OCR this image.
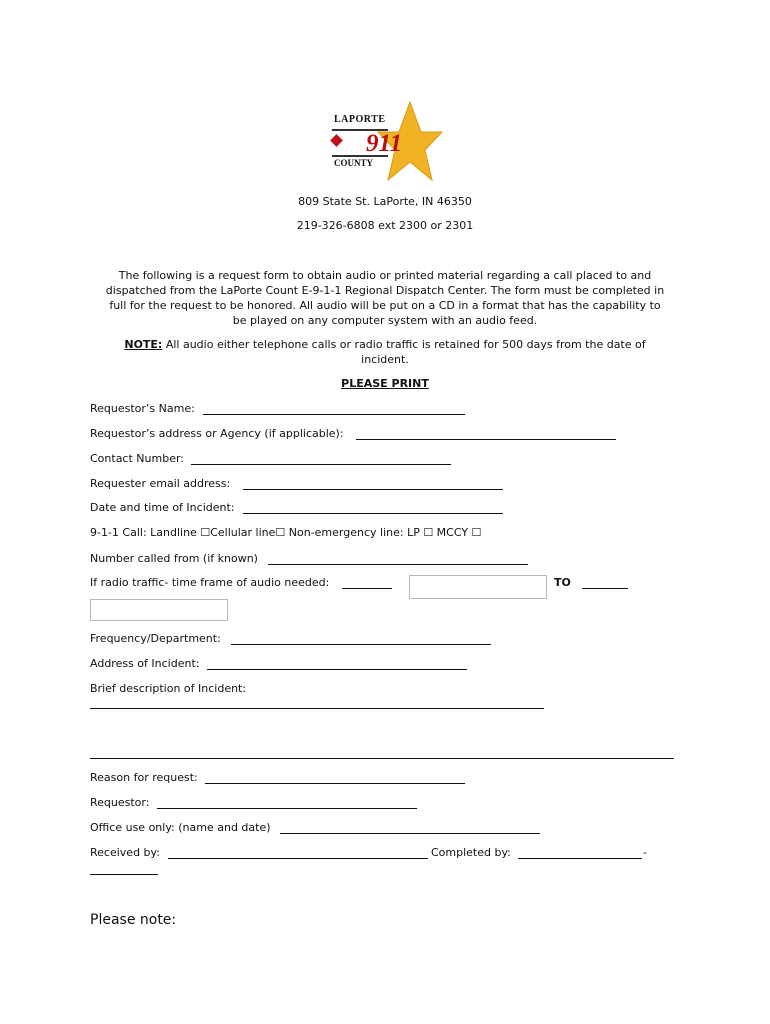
LAPORTE
911
COUNTY
809 State St. LaPorte, IN 46350
219-326-6808 ext 2300 or 2301
The following is a request form to obtain audio or printed material regarding a call placed to and
dispatched from the LaPorte Count E-9-1-1 Regional Dispatch Center. The form must be completed in
full for the request to be honored. All audio will be put on a CD in a format that has the capability to
be played on any computer system with an audio feed.
NOTE: All audio either telephone calls or radio traffic is retained for 500 days from the date of
incident.
PLEASE PRINT
Requestor’s Name:
Requestor’s address or Agency (if applicable):
Contact Number:
Requester email address:
Date and time of Incident:
9-1-1 Call: Landline ☐Cellular line☐ Non-emergency line: LP ☐ MCCY ☐
Number called from (if known)
If radio traffic- time frame of audio needed:	TO
Frequency/Department:
Address of Incident:
Brief description of Incident:
Reason for request:
Requestor:
Office use only: (name and date)
Received by:	Completed by:	-
Please note:
